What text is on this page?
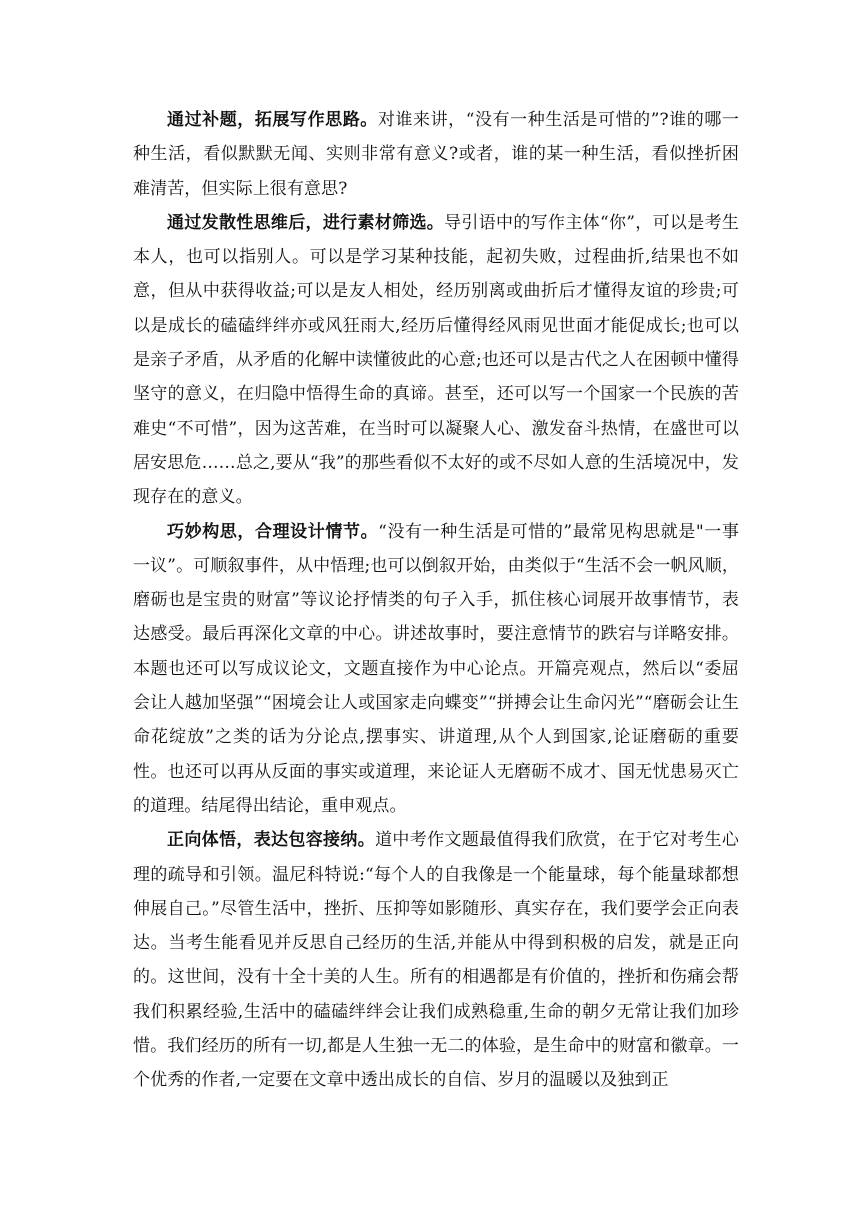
通过补题，拓展写作思路。对谁来讲，“没有一种生活是可惜的”?谁的哪一种生活，看似默默无闻、实则非常有意义?或者，谁的某一种生活，看似挫折困难清苦，但实际上很有意思?

通过发散性思维后，进行素材筛选。导引语中的写作主体“你”，可以是考生本人，也可以指别人。可以是学习某种技能，起初失败，过程曲折,结果也不如意，但从中获得收益;可以是友人相处，经历别离或曲折后才懂得友谊的珍贵;可以是成长的磕磕绊绊亦或风狂雨大,经历后懂得经风雨见世面才能促成长;也可以是亲子矛盾，从矛盾的化解中读懂彼此的心意;也还可以是古代之人在困顿中懂得坚守的意义，在归隐中悟得生命的真谛。甚至，还可以写一个国家一个民族的苦难史“不可惜”，因为这苦难，在当时可以凝聚人心、激发奋斗热情，在盛世可以居安思危……总之,要从“我”的那些看似不太好的或不尽如人意的生活境况中，发现存在的意义。

巧妙构思，合理设计情节。“没有一种生活是可惜的”最常见构思就是"一事一议”。可顺叙事件，从中悟理;也可以倒叙开始，由类似于“生活不会一帆风顺，磨砺也是宝贵的财富”等议论抒情类的句子入手，抓住核心词展开故事情节，表达感受。最后再深化文章的中心。讲述故事时，要注意情节的跌宕与详略安排。本题也还可以写成议论文，文题直接作为中心论点。开篇亮观点，然后以“委屈会让人越加坚强”“困境会让人或国家走向蝶变”“拼搏会让生命闪光”“磨砺会让生命花绽放”之类的话为分论点,摆事实、讲道理,从个人到国家,论证磨砺的重要性。也还可以再从反面的事实或道理，来论证人无磨砺不成才、国无忧患易灭亡的道理。结尾得出结论，重申观点。

正向体悟，表达包容接纳。道中考作文题最值得我们欣赏，在于它对考生心理的疏导和引领。温尼科特说:“每个人的自我像是一个能量球，每个能量球都想伸展自己。”尽管生活中，挫折、压抑等如影随形、真实存在，我们要学会正向表达。当考生能看见并反思自己经历的生活,并能从中得到积极的启发，就是正向的。这世间，没有十全十美的人生。所有的相遇都是有价值的，挫折和伤痛会帮我们积累经验,生活中的磕磕绊绊会让我们成熟稳重,生命的朝夕无常让我们加珍惜。我们经历的所有一切,都是人生独一无二的体验，是生命中的财富和徽章。一个优秀的作者,一定要在文章中透出成长的自信、岁月的温暖以及独到正
